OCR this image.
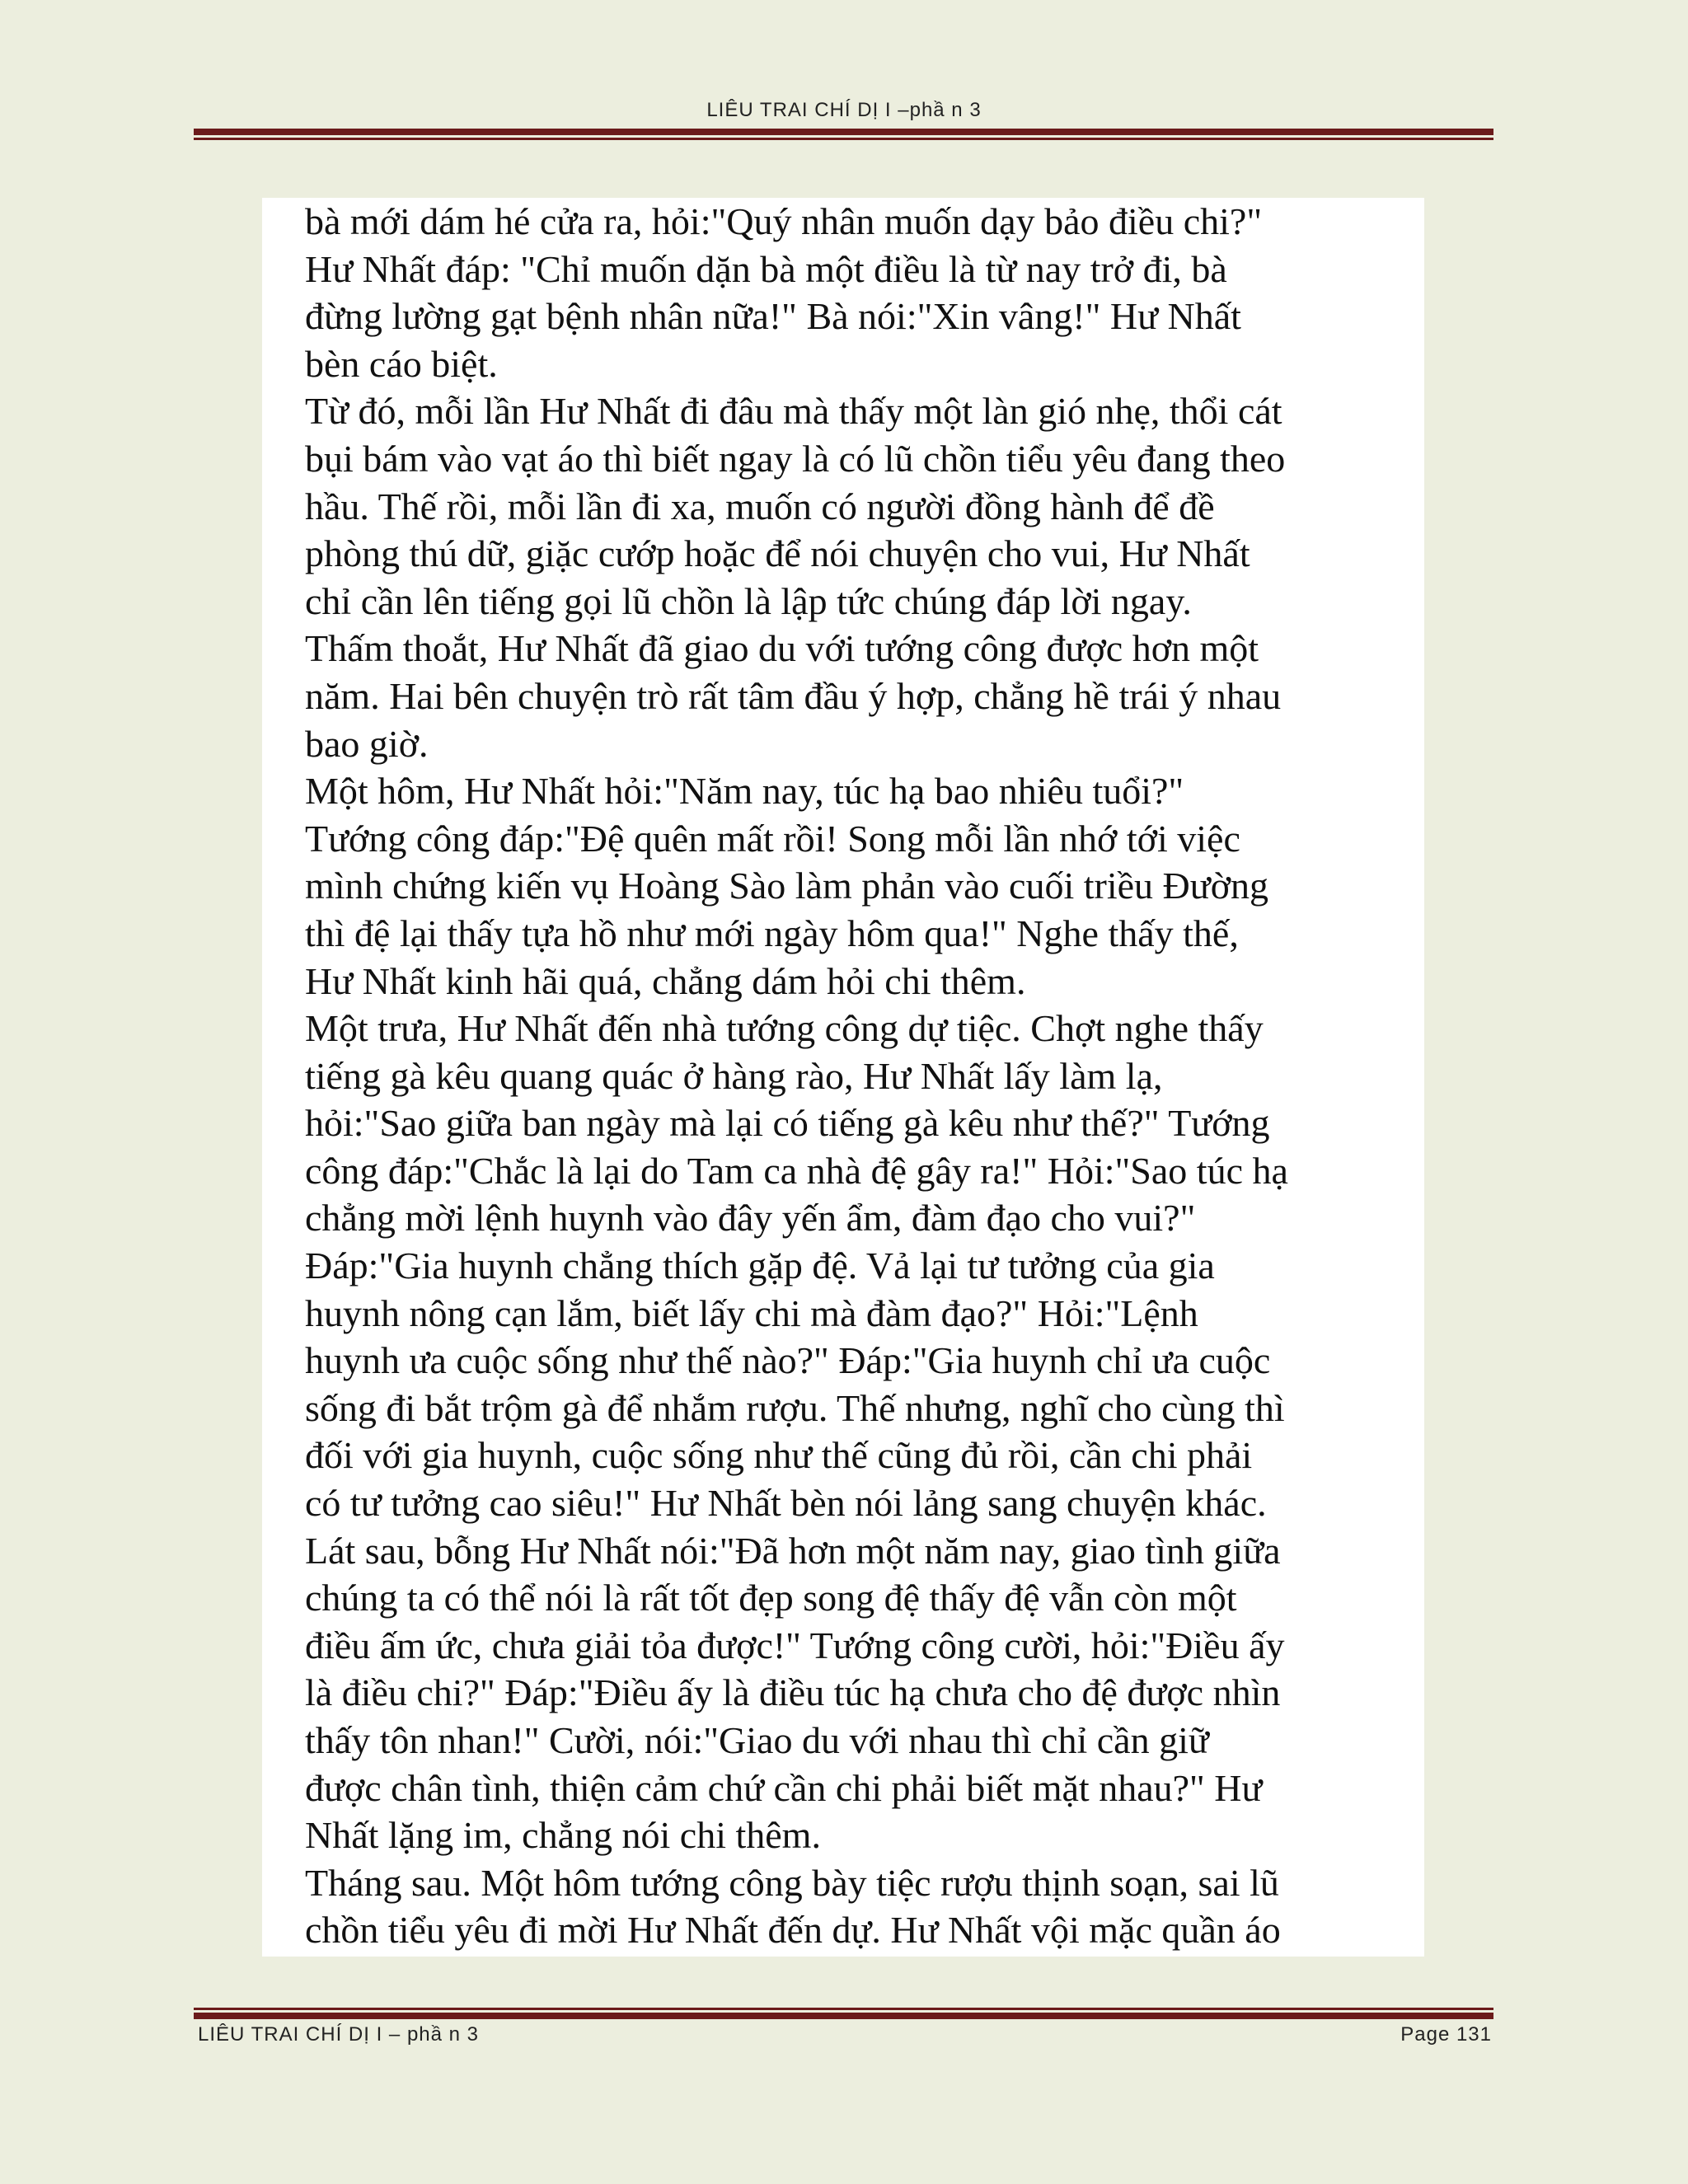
LIÊU TRAI CHÍ DỊ I –phầ n 3
bà mới dám hé cửa ra, hỏi:"Quý nhân muốn dạy bảo điều chi?"
Hư Nhất đáp: "Chỉ muốn dặn bà một điều là từ nay trở đi, bà
đừng lường gạt bệnh nhân nữa!" Bà nói:"Xin vâng!" Hư Nhất
bèn cáo biệt.
Từ đó, mỗi lần Hư Nhất đi đâu mà thấy một làn gió nhẹ, thổi cát
bụi bám vào vạt áo thì biết ngay là có lũ chồn tiểu yêu đang theo
hầu. Thế rồi, mỗi lần đi xa, muốn có người đồng hành để đề
phòng thú dữ, giặc cướp hoặc để nói chuyện cho vui, Hư Nhất
chỉ cần lên tiếng gọi lũ chồn là lập tức chúng đáp lời ngay.
Thấm thoắt, Hư Nhất đã giao du với tướng công được hơn một
năm. Hai bên chuyện trò rất tâm đầu ý hợp, chẳng hề trái ý nhau
bao giờ.
Một hôm, Hư Nhất hỏi:"Năm nay, túc hạ bao nhiêu tuổi?"
Tướng công đáp:"Đệ quên mất rồi! Song mỗi lần nhớ tới việc
mình chứng kiến vụ Hoàng Sào làm phản vào cuối triều Đường
thì đệ lại thấy tựa hồ như mới ngày hôm qua!" Nghe thấy thế,
Hư Nhất kinh hãi quá, chẳng dám hỏi chi thêm.
Một trưa, Hư Nhất đến nhà tướng công dự tiệc. Chợt nghe thấy
tiếng gà kêu quang quác ở hàng rào, Hư Nhất lấy làm lạ,
hỏi:"Sao giữa ban ngày mà lại có tiếng gà kêu như thế?" Tướng
công đáp:"Chắc là lại do Tam ca nhà đệ gây ra!" Hỏi:"Sao túc hạ
chẳng mời lệnh huynh vào đây yến ẩm, đàm đạo cho vui?"
Đáp:"Gia huynh chẳng thích gặp đệ. Vả lại tư tưởng của gia
huynh nông cạn lắm, biết lấy chi mà đàm đạo?" Hỏi:"Lệnh
huynh ưa cuộc sống như thế nào?" Đáp:"Gia huynh chỉ ưa cuộc
sống đi bắt trộm gà để nhắm rượu. Thế nhưng, nghĩ cho cùng thì
đối với gia huynh, cuộc sống như thế cũng đủ rồi, cần chi phải
có tư tưởng cao siêu!" Hư Nhất bèn nói lảng sang chuyện khác.
Lát sau, bỗng Hư Nhất nói:"Đã hơn một năm nay, giao tình giữa
chúng ta có thể nói là rất tốt đẹp song đệ thấy đệ vẫn còn một
điều ấm ức, chưa giải tỏa được!" Tướng công cười, hỏi:"Điều ấy
là điều chi?" Đáp:"Điều ấy là điều túc hạ chưa cho đệ được nhìn
thấy tôn nhan!" Cười, nói:"Giao du với nhau thì chỉ cần giữ
được chân tình, thiện cảm chứ cần chi phải biết mặt nhau?" Hư
Nhất lặng im, chẳng nói chi thêm.
Tháng sau. Một hôm tướng công bày tiệc rượu thịnh soạn, sai lũ
chồn tiểu yêu đi mời Hư Nhất đến dự. Hư Nhất vội mặc quần áo
LIÊU TRAI CHÍ DỊ I – phầ n 3	Page 131
